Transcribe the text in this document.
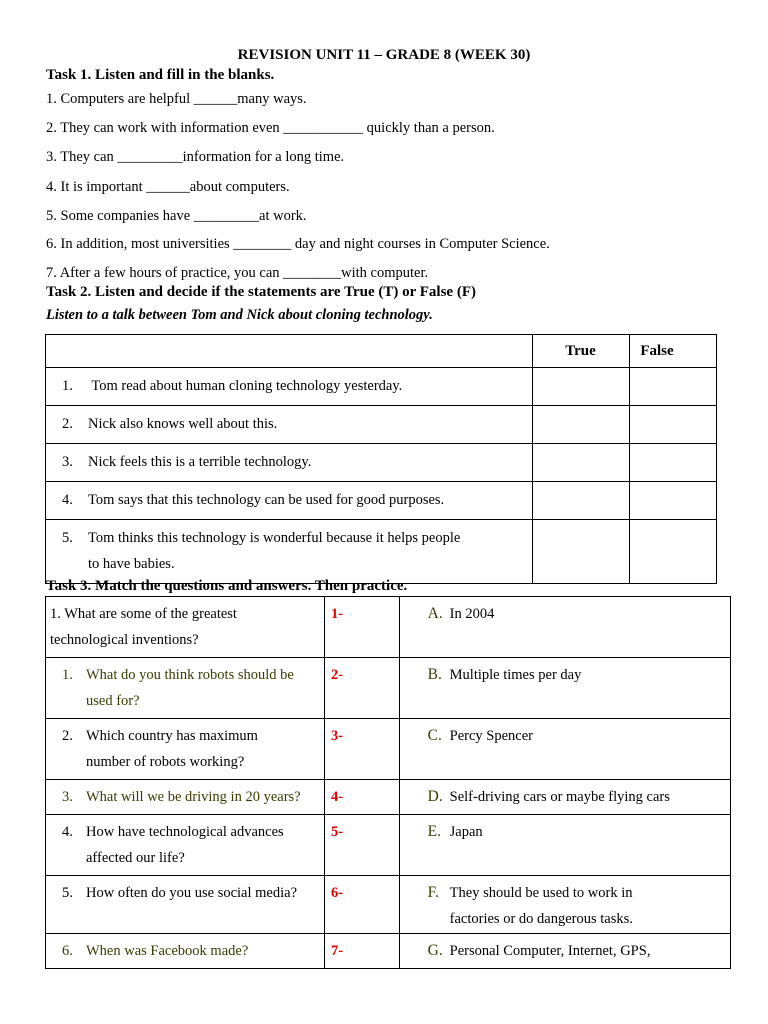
REVISION UNIT 11 – GRADE 8 (WEEK 30)
Task 1. Listen and fill in the blanks.
1. Computers are helpful ______many ways.
2. They can work with information even ___________ quickly than a person.
3. They can _________information for a long time.
4. It is important ______about computers.
5. Some companies have _________at work.
6. In addition, most universities ________ day and night courses in Computer Science.
7. After a few hours of practice, you can ________with computer.
Task 2. Listen and decide if the statements are True (T) or False (F)
Listen to a talk between Tom and Nick about cloning technology.
	True	False
1. Tom read about human cloning technology yesterday.		
2. Nick also knows well about this.		
3. Nick feels this is a terrible technology.		
4. Tom says that this technology can be used for good purposes.		
5. Tom thinks this technology is wonderful because it helps people
to have babies.		
Task 3. Match the questions and answers. Then practice.
1. What are some of the greatest
technological inventions?	1-	A. In 2004

1. What do you think robots should be
used for?	2-	B. Multiple times per day

2. Which country has maximum
number of robots working?	3-	C. Percy Spencer

3. What will we be driving in 20 years?	4-	D. Self-driving cars or maybe flying cars

4. How have technological advances
affected our life?	5-	E. Japan

5. How often do you use social media?	6-	F. They should be used to work in
factories or do dangerous tasks.

6. When was Facebook made?	7-	G. Personal Computer, Internet, GPS,
